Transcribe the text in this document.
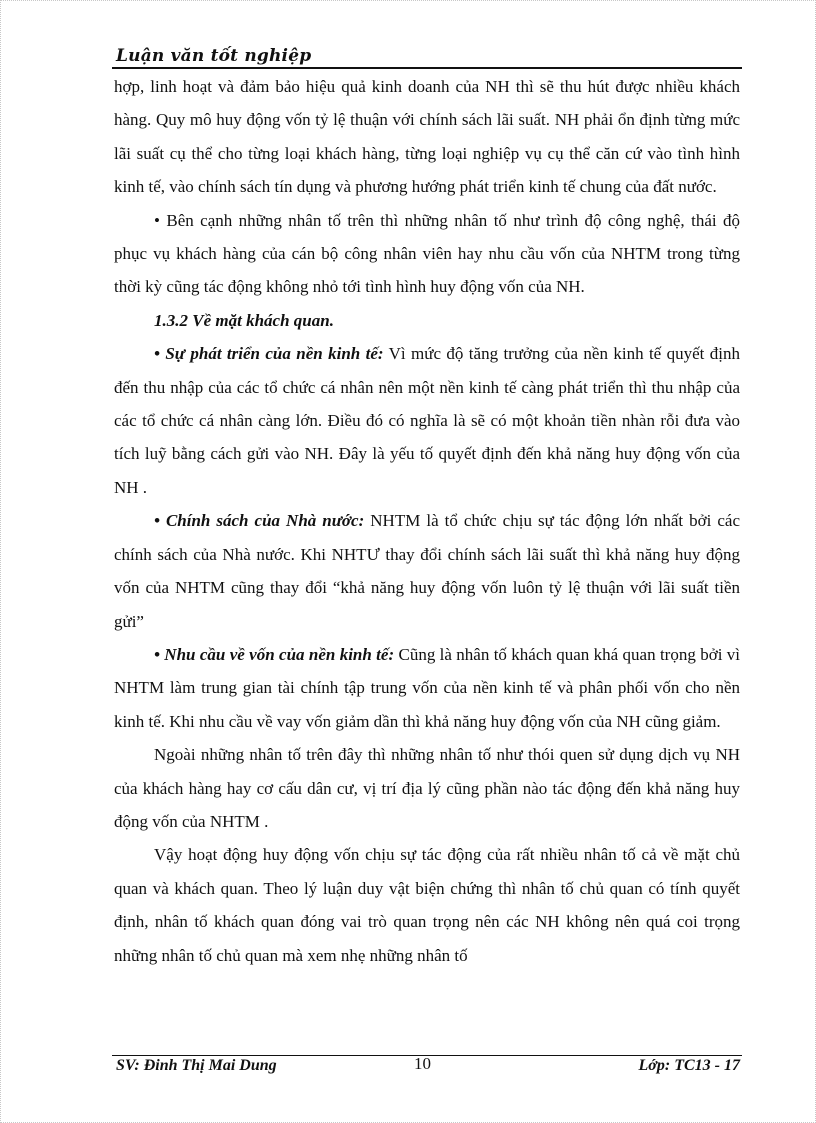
Luận văn tốt nghiệp

hợp, linh hoạt và đảm bảo hiệu quả kinh doanh của NH thì sẽ thu hút được nhiều khách hàng. Quy mô huy động vốn tỷ lệ thuận với chính sách lãi suất. NH phải ổn định từng mức lãi suất cụ thể cho từng loại khách hàng, từng loại nghiệp vụ cụ thể căn cứ vào tình hình kinh tế, vào chính sách tín dụng và phương hướng phát triển kinh tế chung của đất nước.

• Bên cạnh những nhân tố trên thì những nhân tố như trình độ công nghệ, thái độ phục vụ khách hàng của cán bộ công nhân viên hay nhu cầu vốn của NHTM trong từng thời kỳ cũng tác động không nhỏ tới tình hình huy động vốn của NH.

1.3.2 Về mặt khách quan.

• Sự phát triển của nền kinh tế: Vì mức độ tăng trưởng của nền kinh tế quyết định đến thu nhập của các tổ chức cá nhân nên một nền kinh tế càng phát triển thì thu nhập của các tổ chức cá nhân càng lớn. Điều đó có nghĩa là sẽ có một khoản tiền nhàn rỗi đưa vào tích luỹ bằng cách gửi vào NH. Đây là yếu tố quyết định đến khả năng huy động vốn của NH .

• Chính sách của Nhà nước: NHTM là tổ chức chịu sự tác động lớn nhất bởi các chính sách của Nhà nước. Khi NHTƯ thay đổi chính sách lãi suất thì khả năng huy động vốn của NHTM cũng thay đổi “khả năng huy động vốn luôn tỷ lệ thuận với lãi suất tiền gửi”

• Nhu cầu về vốn của nền kinh tế: Cũng là nhân tố khách quan khá quan trọng bởi vì NHTM làm trung gian tài chính tập trung vốn của nền kinh tế và phân phối vốn cho nền kinh tế. Khi nhu cầu về vay vốn giảm dần thì khả năng huy động vốn của NH cũng giảm.

Ngoài những nhân tố trên đây thì những nhân tố như thói quen sử dụng dịch vụ NH của khách hàng hay cơ cấu dân cư, vị trí địa lý cũng phần nào tác động đến khả năng huy động vốn của NHTM .

Vậy hoạt động huy động vốn chịu sự tác động của rất nhiều nhân tố cả về mặt chủ quan và khách quan. Theo lý luận duy vật biện chứng thì nhân tố chủ quan có tính quyết định, nhân tố khách quan đóng vai trò quan trọng nên các NH không nên quá coi trọng những nhân tố chủ quan mà xem nhẹ những nhân tố

SV: Đinh Thị Mai Dung	10	Lớp: TC13 - 17
